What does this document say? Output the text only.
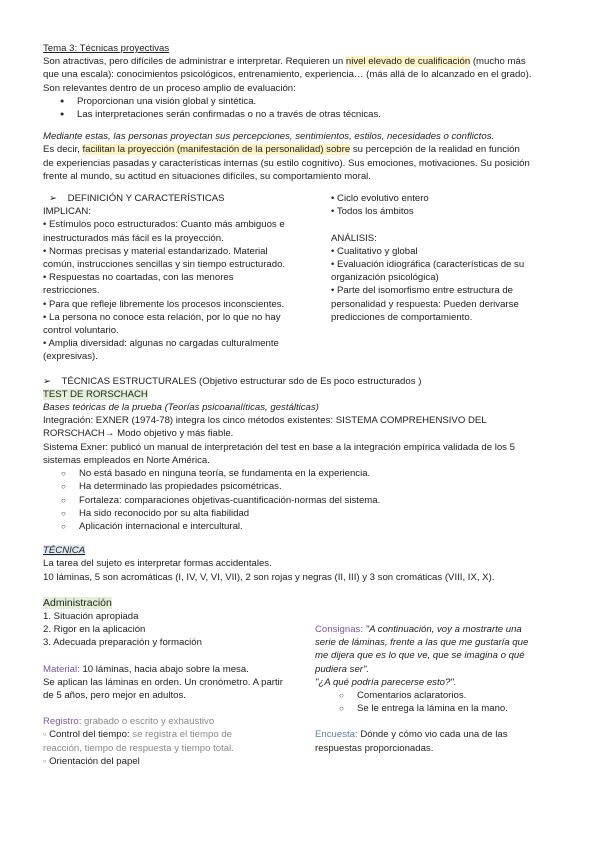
Tema 3: Técnicas proyectivas

Son atractivas, pero difíciles de administrar e interpretar. Requieren un nivel elevado de cualificación (mucho más

que una escala): conocimientos psicológicos, entrenamiento, experiencia… (más allá de lo alcanzado en el grado).

Son relevantes dentro de un proceso amplio de evaluación:

● Proporcionan una visión global y sintética.
● Las interpretaciones serán confirmadas o no a través de otras técnicas.

Mediante estas, las personas proyectan sus percepciones, sentimientos, estilos, necesidades o conflictos.

Es decir, facilitan la proyección (manifestación de la personalidad) sobre su percepción de la realidad en función

de experiencias pasadas y características internas (su estilo cognitivo). Sus emociones, motivaciones. Su posición

frente al mundo, su actitud en situaciones difíciles, su comportamiento moral.

➢ DEFINICIÓN Y CARACTERÍSTICAS

IMPLICAN:

• Estímulos poco estructurados: Cuanto más ambiguos e

inestructurados más fácil es la proyección.

• Normas precisas y material estandarizado. Material

común, instrucciones sencillas y sin tiempo estructurado.

• Respuestas no coartadas, con las menores

restricciones.

• Para que refleje libremente los procesos inconscientes.

• La persona no conoce esta relación, por lo que no hay

control voluntario.

• Amplia diversidad: algunas no cargadas culturalmente

(expresivas).

• Ciclo evolutivo entero

• Todos los ámbitos

ANÁLISIS:

• Cualitativo y global

• Evaluación idiográfica (características de su

organización psicológica)

• Parte del isomorfismo entre estructura de

personalidad y respuesta: Pueden derivarse

predicciones de comportamiento.

➢ TÉCNICAS ESTRUCTURALES (Objetivo estructurar sdo de Es poco estructurados )

TEST DE RORSCHACH

Bases teóricas de la prueba (Teorías psicoanalíticas, gestálticas)

Integración: EXNER (1974-78) integra los cinco métodos existentes: SISTEMA COMPREHENSIVO DEL

RORSCHACH→ Modo objetivo y más fiable.

Sistema Exner: publicó un manual de interpretación del test en base a la integración empírica validada de los 5

sistemas empleados en Norte América.

○ No está basado en ninguna teoría, se fundamenta en la experiencia.
○ Ha determinado las propiedades psicométricas.
○ Fortaleza: comparaciones objetivas-cuantificación-normas del sistema.
○ Ha sido reconocido por su alta fiabilidad
○ Aplicación internacional e intercultural.

TÉCNICA

La tarea del sujeto es interpretar formas accidentales.

10 láminas, 5 son acromáticas (I, IV, V, VI, VII), 2 son rojas y negras (II, III) y 3 son cromáticas (VIII, IX, X).

Administración

1. Situación apropiada

2. Rigor en la aplicación

3. Adecuada preparación y formación

Material: 10 láminas, hacia abajo sobre la mesa.

Se aplican las láminas en orden. Un cronómetro. A partir

de 5 años, pero mejor en adultos.

Registro: grabado o escrito y exhaustivo

▫ Control del tiempo: se registra el tiempo de

reacción, tiempo de respuesta y tiempo total.

▫ Orientación del papel

Consignas: "A continuación, voy a mostrarte una

serie de láminas, frente a las que me gustaría que

me dijera que es lo que ve, que se imagina o qué

pudiera ser".

"¿A qué podría parecerse esto?".

○ Comentarios aclaratorios.
○ Se le entrega la lámina en la mano.

Encuesta: Dónde y cómo vio cada una de las

respuestas proporcionadas.
